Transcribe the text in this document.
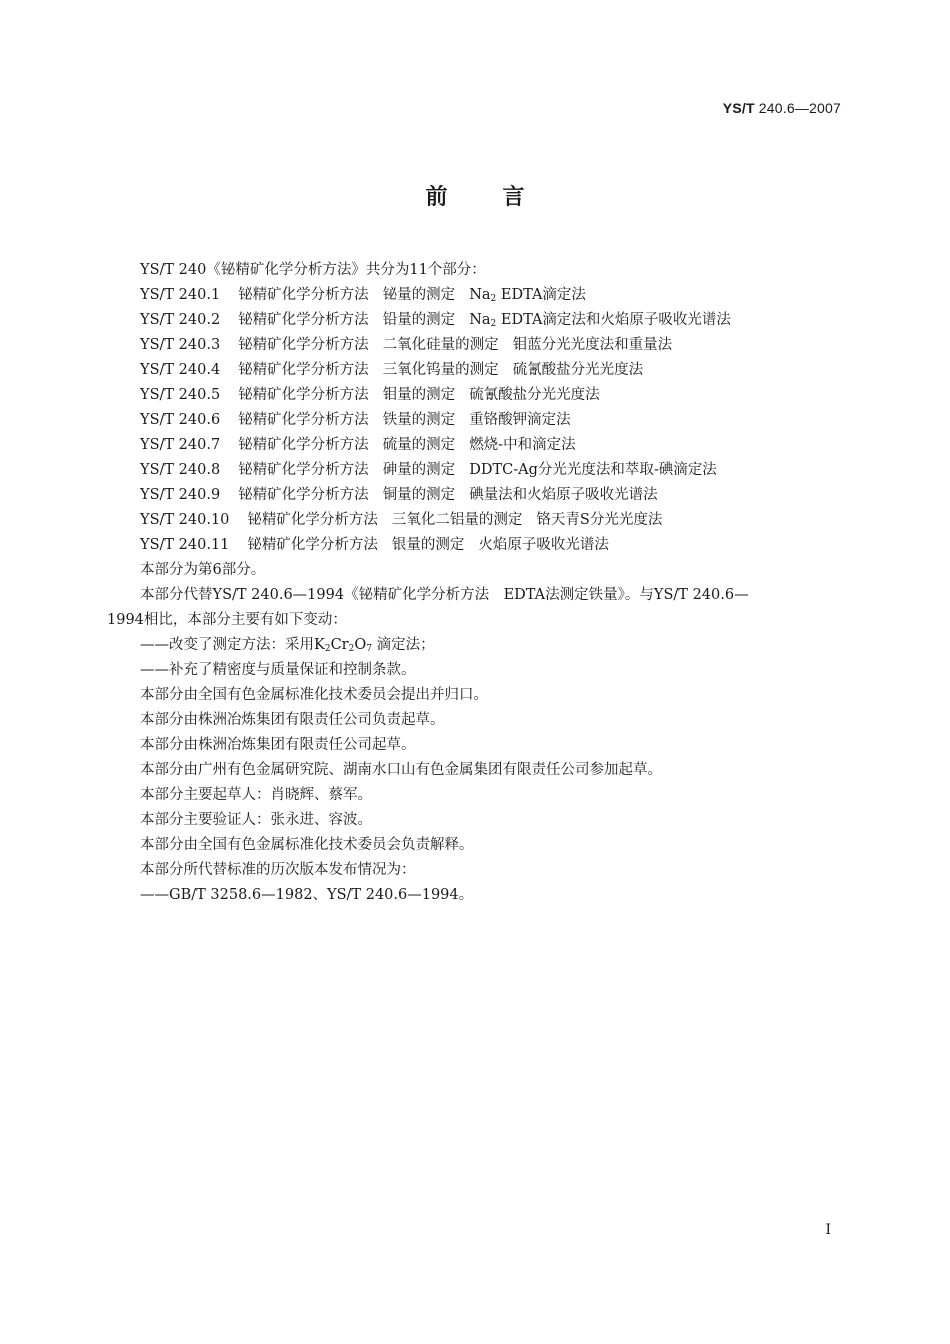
YS/T 240.6—2007
前言
YS/T 240《铋精矿化学分析方法》共分为11个部分：
YS/T 240.1 铋精矿化学分析方法 铋量的测定 $Na_2$ EDTA滴定法
YS/T 240.2 铋精矿化学分析方法 铅量的测定 $Na_2$ EDTA滴定法和火焰原子吸收光谱法
YS/T 240.3 铋精矿化学分析方法 二氧化硅量的测定 钼蓝分光光度法和重量法
YS/T 240.4 铋精矿化学分析方法 三氧化钨量的测定 硫氰酸盐分光光度法
YS/T 240.5 铋精矿化学分析方法 钼量的测定 硫氰酸盐分光光度法
YS/T 240.6 铋精矿化学分析方法 铁量的测定 重铬酸钾滴定法
YS/T 240.7 铋精矿化学分析方法 硫量的测定 燃烧-中和滴定法
YS/T 240.8 铋精矿化学分析方法 砷量的测定 DDTC-Ag分光光度法和萃取-碘滴定法
YS/T 240.9 铋精矿化学分析方法 铜量的测定 碘量法和火焰原子吸收光谱法
YS/T 240.10 铋精矿化学分析方法 三氧化二铝量的测定 铬天青S分光光度法
YS/T 240.11 铋精矿化学分析方法 银量的测定 火焰原子吸收光谱法
本部分为第6部分。
本部分代替YS/T 240.6—1994《铋精矿化学分析方法　EDTA法测定铁量》。与YS/T 240.6—
1994相比，本部分主要有如下变动：
——改变了测定方法：采用$K_2Cr_2O_7$ 滴定法；
——补充了精密度与质量保证和控制条款。
本部分由全国有色金属标准化技术委员会提出并归口。
本部分由株洲冶炼集团有限责任公司负责起草。
本部分由株洲冶炼集团有限责任公司起草。
本部分由广州有色金属研究院、湖南水口山有色金属集团有限责任公司参加起草。
本部分主要起草人：肖晓辉、蔡军。
本部分主要验证人：张永进、容波。
本部分由全国有色金属标准化技术委员会负责解释。
本部分所代替标准的历次版本发布情况为：
——GB/T 3258.6—1982、YS/T 240.6—1994。
I
